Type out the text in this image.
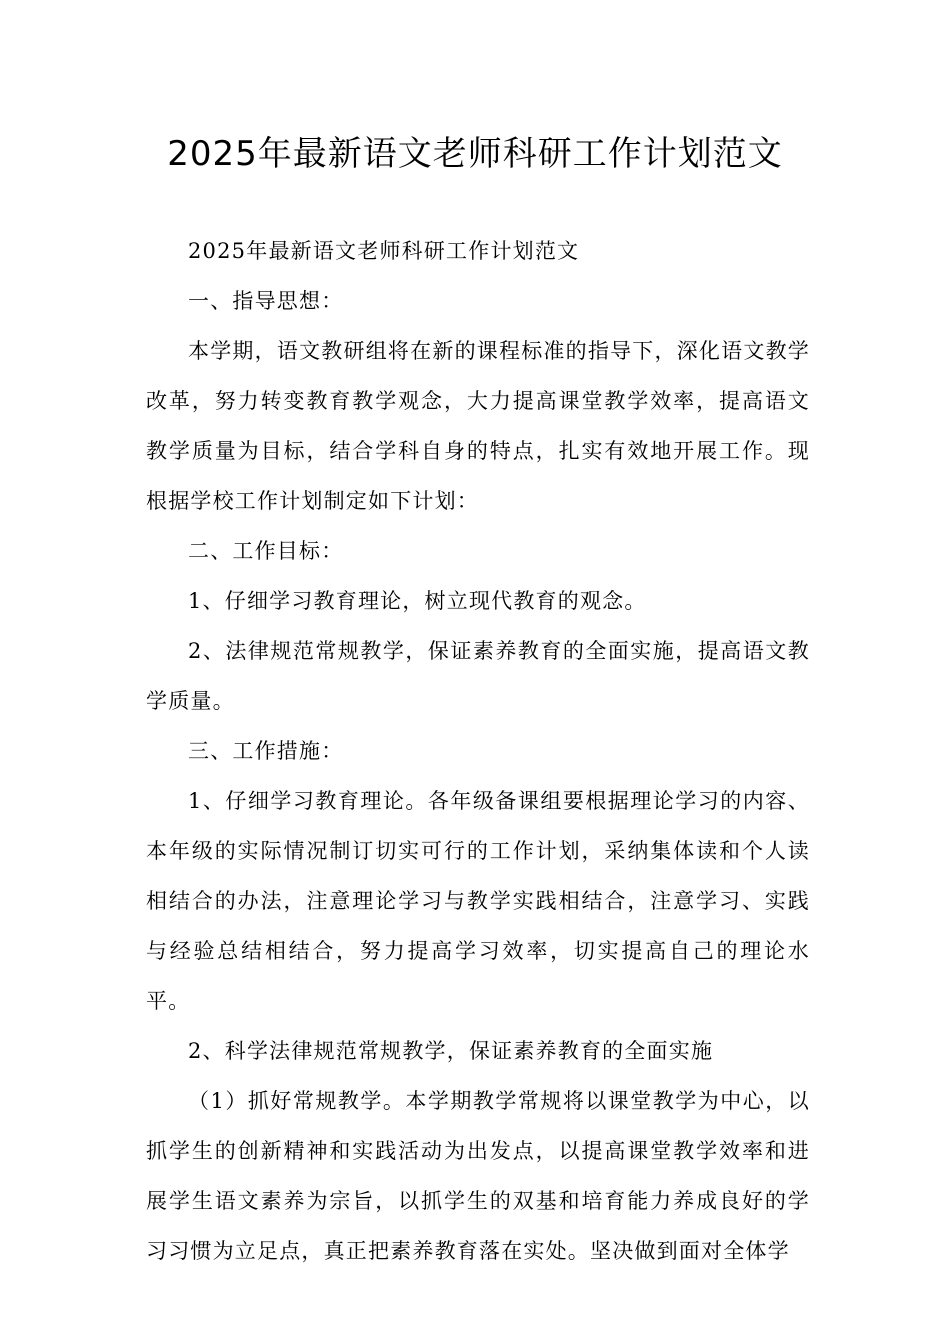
2025年最新语文老师科研工作计划范文

2025年最新语文老师科研工作计划范文

一、指导思想：

本学期，语文教研组将在新的课程标准的指导下，深化语文教学改革，努力转变教育教学观念，大力提高课堂教学效率，提高语文教学质量为目标，结合学科自身的特点，扎实有效地开展工作。现根据学校工作计划制定如下计划：

二、工作目标：

1、仔细学习教育理论，树立现代教育的观念。

2、法律规范常规教学，保证素养教育的全面实施，提高语文教学质量。

三、工作措施：

1、仔细学习教育理论。各年级备课组要根据理论学习的内容、本年级的实际情况制订切实可行的工作计划，采纳集体读和个人读相结合的办法，注意理论学习与教学实践相结合，注意学习、实践与经验总结相结合，努力提高学习效率，切实提高自己的理论水平。

2、科学法律规范常规教学，保证素养教育的全面实施

（1）抓好常规教学。本学期教学常规将以课堂教学为中心，以抓学生的创新精神和实践活动为出发点，以提高课堂教学效率和进展学生语文素养为宗旨，以抓学生的双基和培育能力养成良好的学习习惯为立足点，真正把素养教育落在实处。坚决做到面对全体学
